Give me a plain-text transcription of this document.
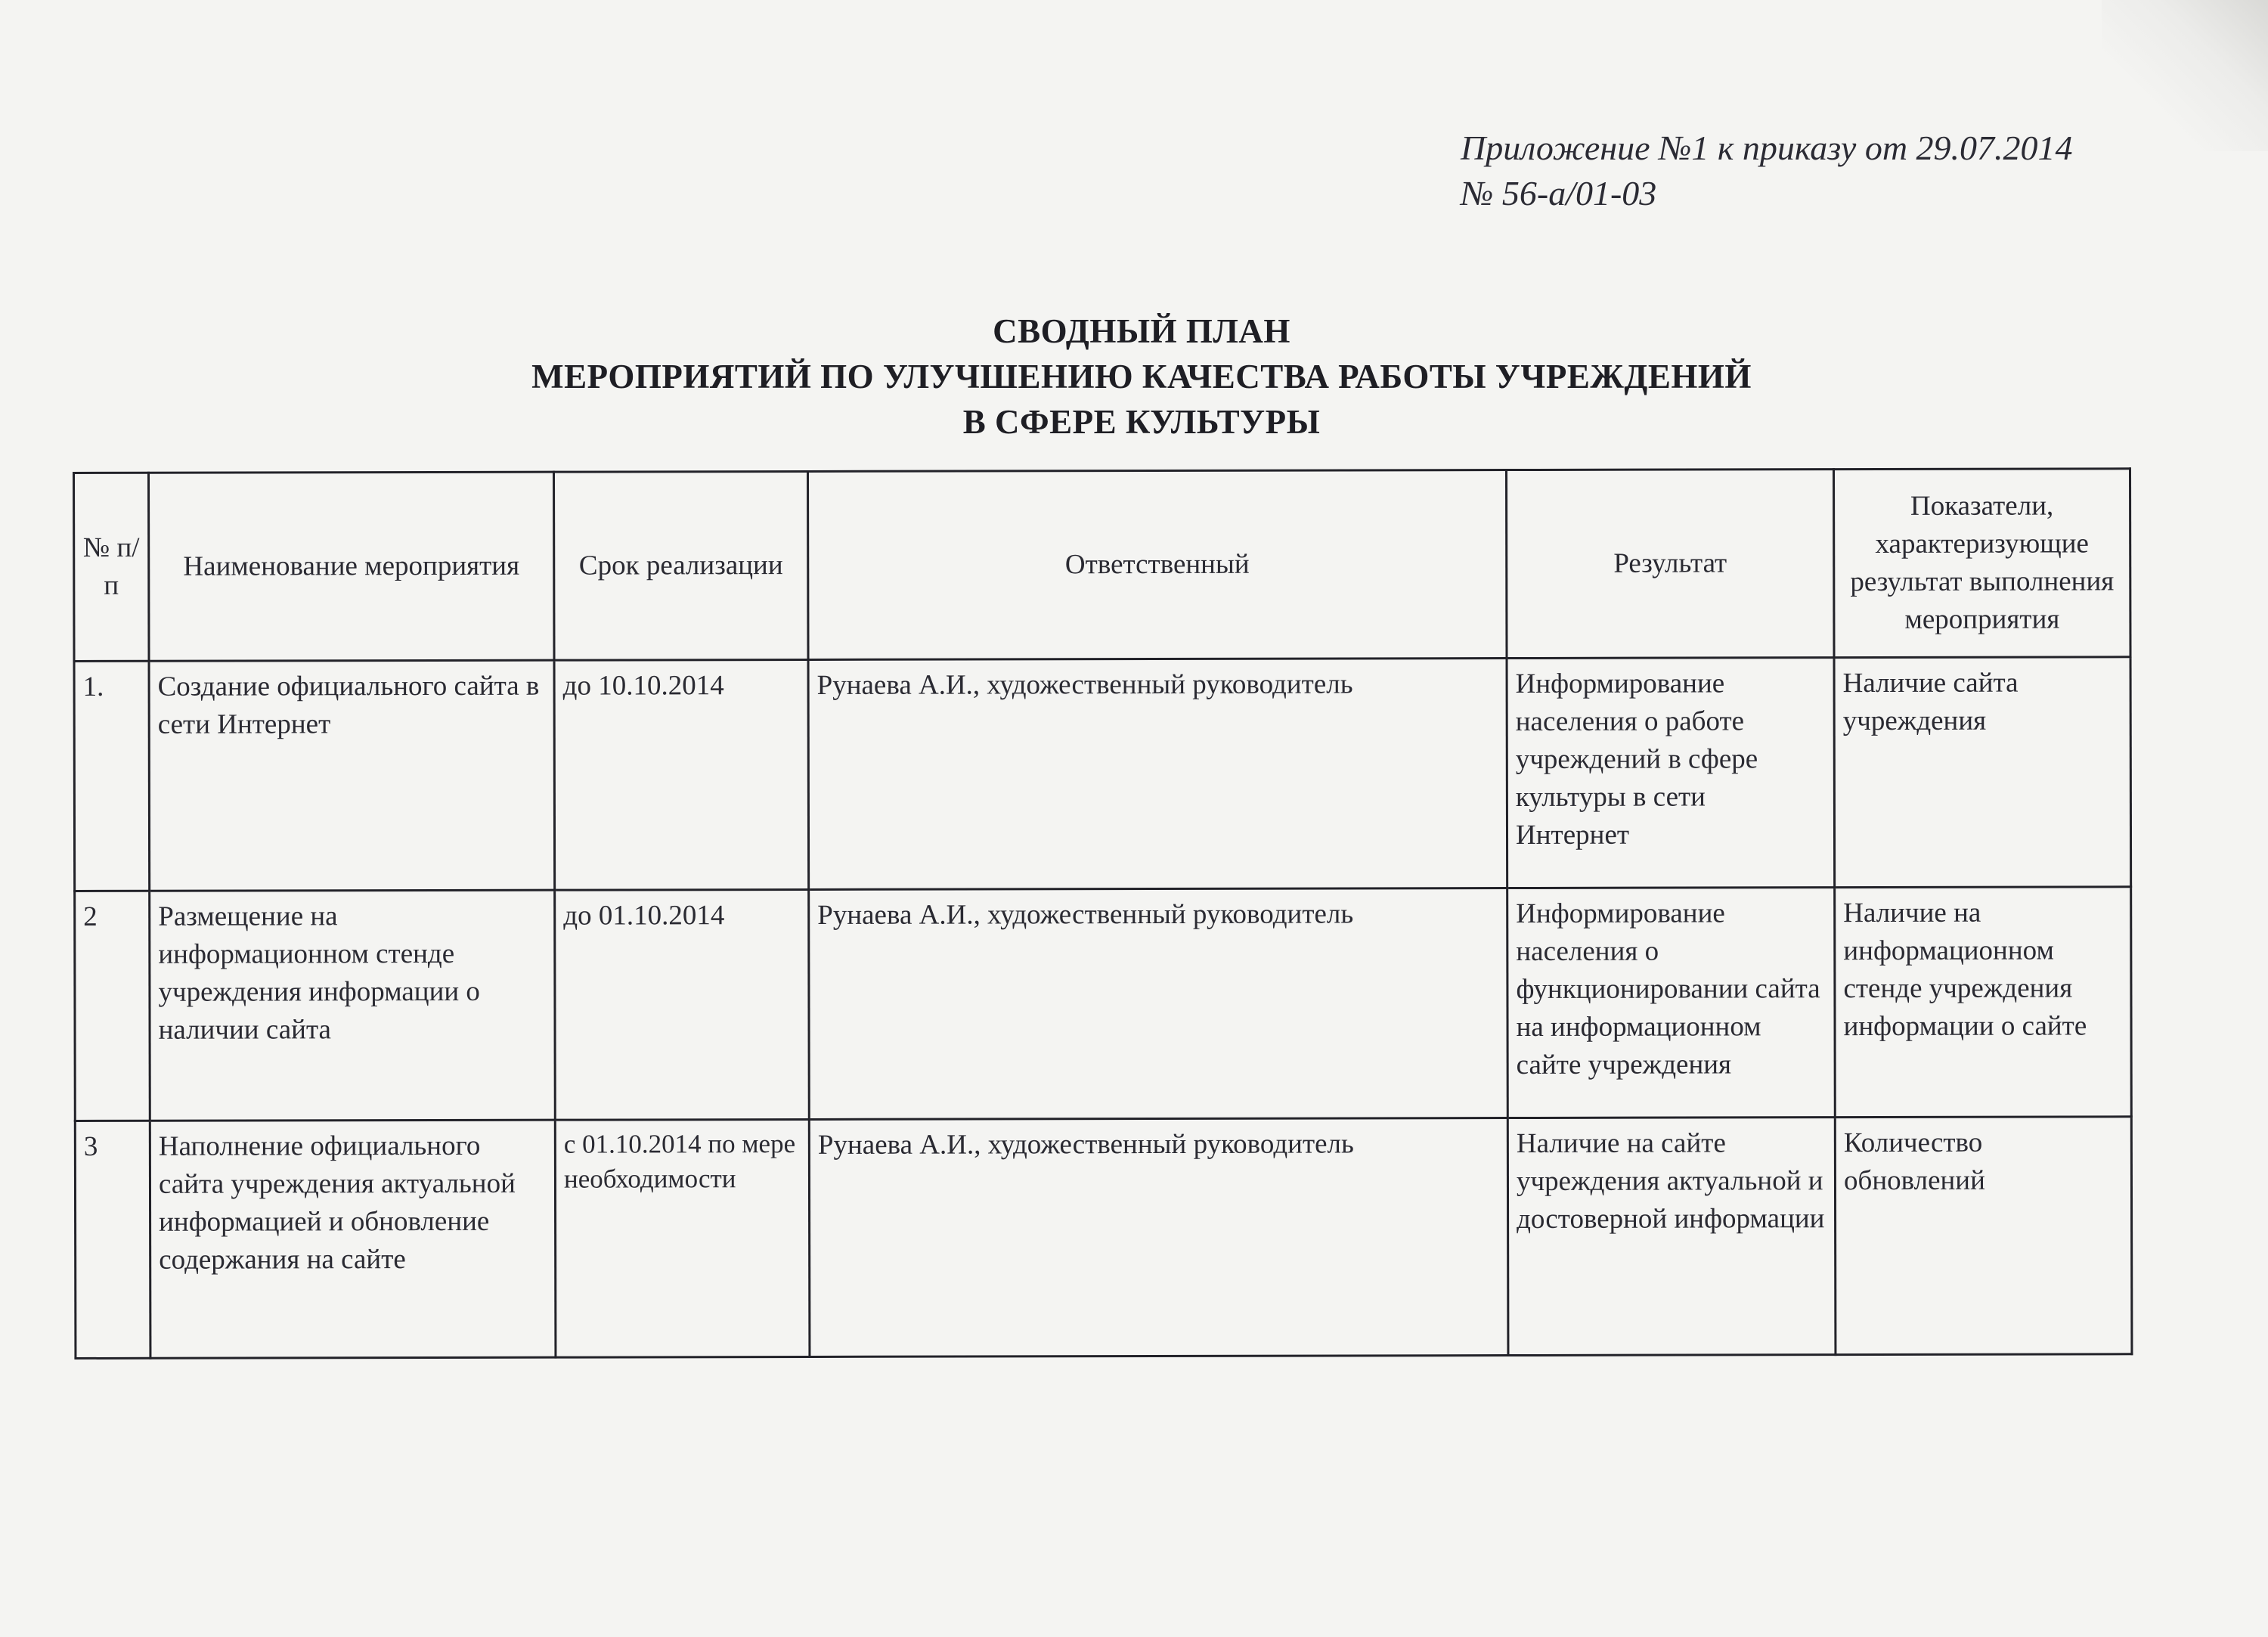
Приложение №1 к приказу от 29.07.2014
№ 56-а/01-03
СВОДНЫЙ ПЛАН
МЕРОПРИЯТИЙ ПО УЛУЧШЕНИЮ КАЧЕСТВА РАБОТЫ УЧРЕЖДЕНИЙ
В СФЕРЕ КУЛЬТУРЫ
№ п/п	Наименование мероприятия	Срок реализации	Ответственный	Результат	Показатели, характеризующие результат выполнения мероприятия
1.	Создание официального сайта в сети Интернет	до 10.10.2014	Рунаева А.И., художественный руководитель	Информирование населения о работе учреждений в сфере культуры в сети Интернет	Наличие сайта учреждения
2	Размещение на информационном стенде учреждения информации о наличии сайта	до 01.10.2014	Рунаева А.И., художественный руководитель	Информирование населения о функционировании сайта на информационном сайте учреждения	Наличие на информационном стенде учреждения информации о сайте
3	Наполнение официального сайта учреждения актуальной информацией и обновление содержания на сайте	с 01.10.2014 по мере необходимости	Рунаева А.И., художественный руководитель	Наличие на сайте учреждения актуальной и достоверной информации	Количество обновлений
